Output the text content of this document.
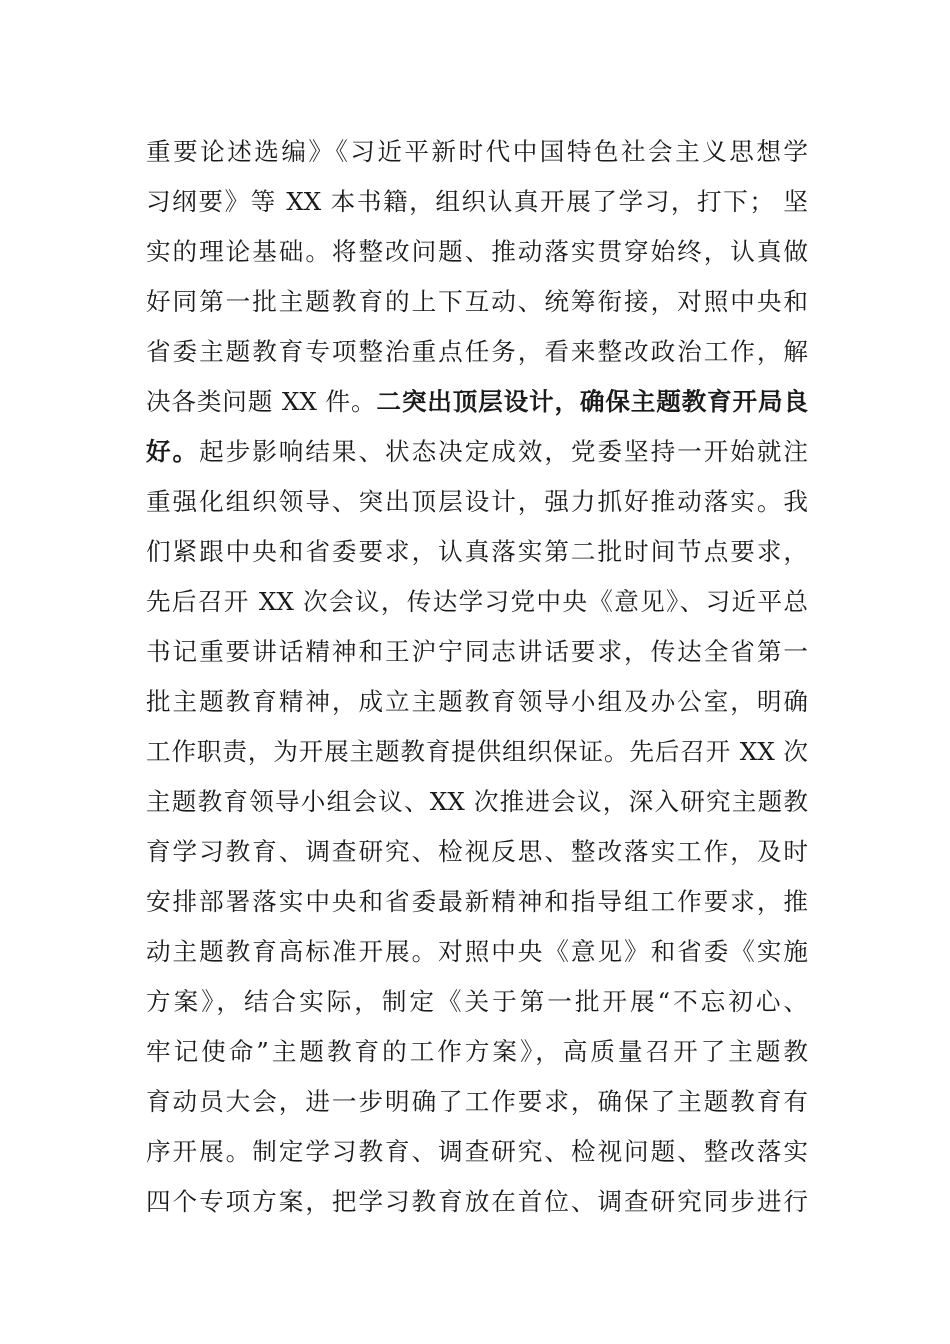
重要论述选编》《习近平新时代中国特色社会主义思想学
习纲要》等 XX 本书籍，组织认真开展了学习，打下； 坚
实的理论基础。将整改问题、推动落实贯穿始终，认真做
好同第一批主题教育的上下互动、统筹衔接，对照中央和
省委主题教育专项整治重点任务，看来整改政治工作，解
决各类问题 XX 件。二突出顶层设计，确保主题教育开局良
好。起步影响结果、状态决定成效，党委坚持一开始就注
重强化组织领导、突出顶层设计，强力抓好推动落实。我
们紧跟中央和省委要求，认真落实第二批时间节点要求，
先后召开 XX 次会议，传达学习党中央《意见》、习近平总
书记重要讲话精神和王沪宁同志讲话要求，传达全省第一
批主题教育精神，成立主题教育领导小组及办公室，明确
工作职责，为开展主题教育提供组织保证。先后召开 XX 次
主题教育领导小组会议、XX 次推进会议，深入研究主题教
育学习教育、调查研究、检视反思、整改落实工作，及时
安排部署落实中央和省委最新精神和指导组工作要求，推
动主题教育高标准开展。对照中央《意见》和省委《实施
方案》，结合实际，制定《关于第一批开展“不忘初心、
牢记使命”主题教育的工作方案》，高质量召开了主题教
育动员大会，进一步明确了工作要求，确保了主题教育有
序开展。制定学习教育、调查研究、检视问题、整改落实
四个专项方案，把学习教育放在首位、调查研究同步进行
